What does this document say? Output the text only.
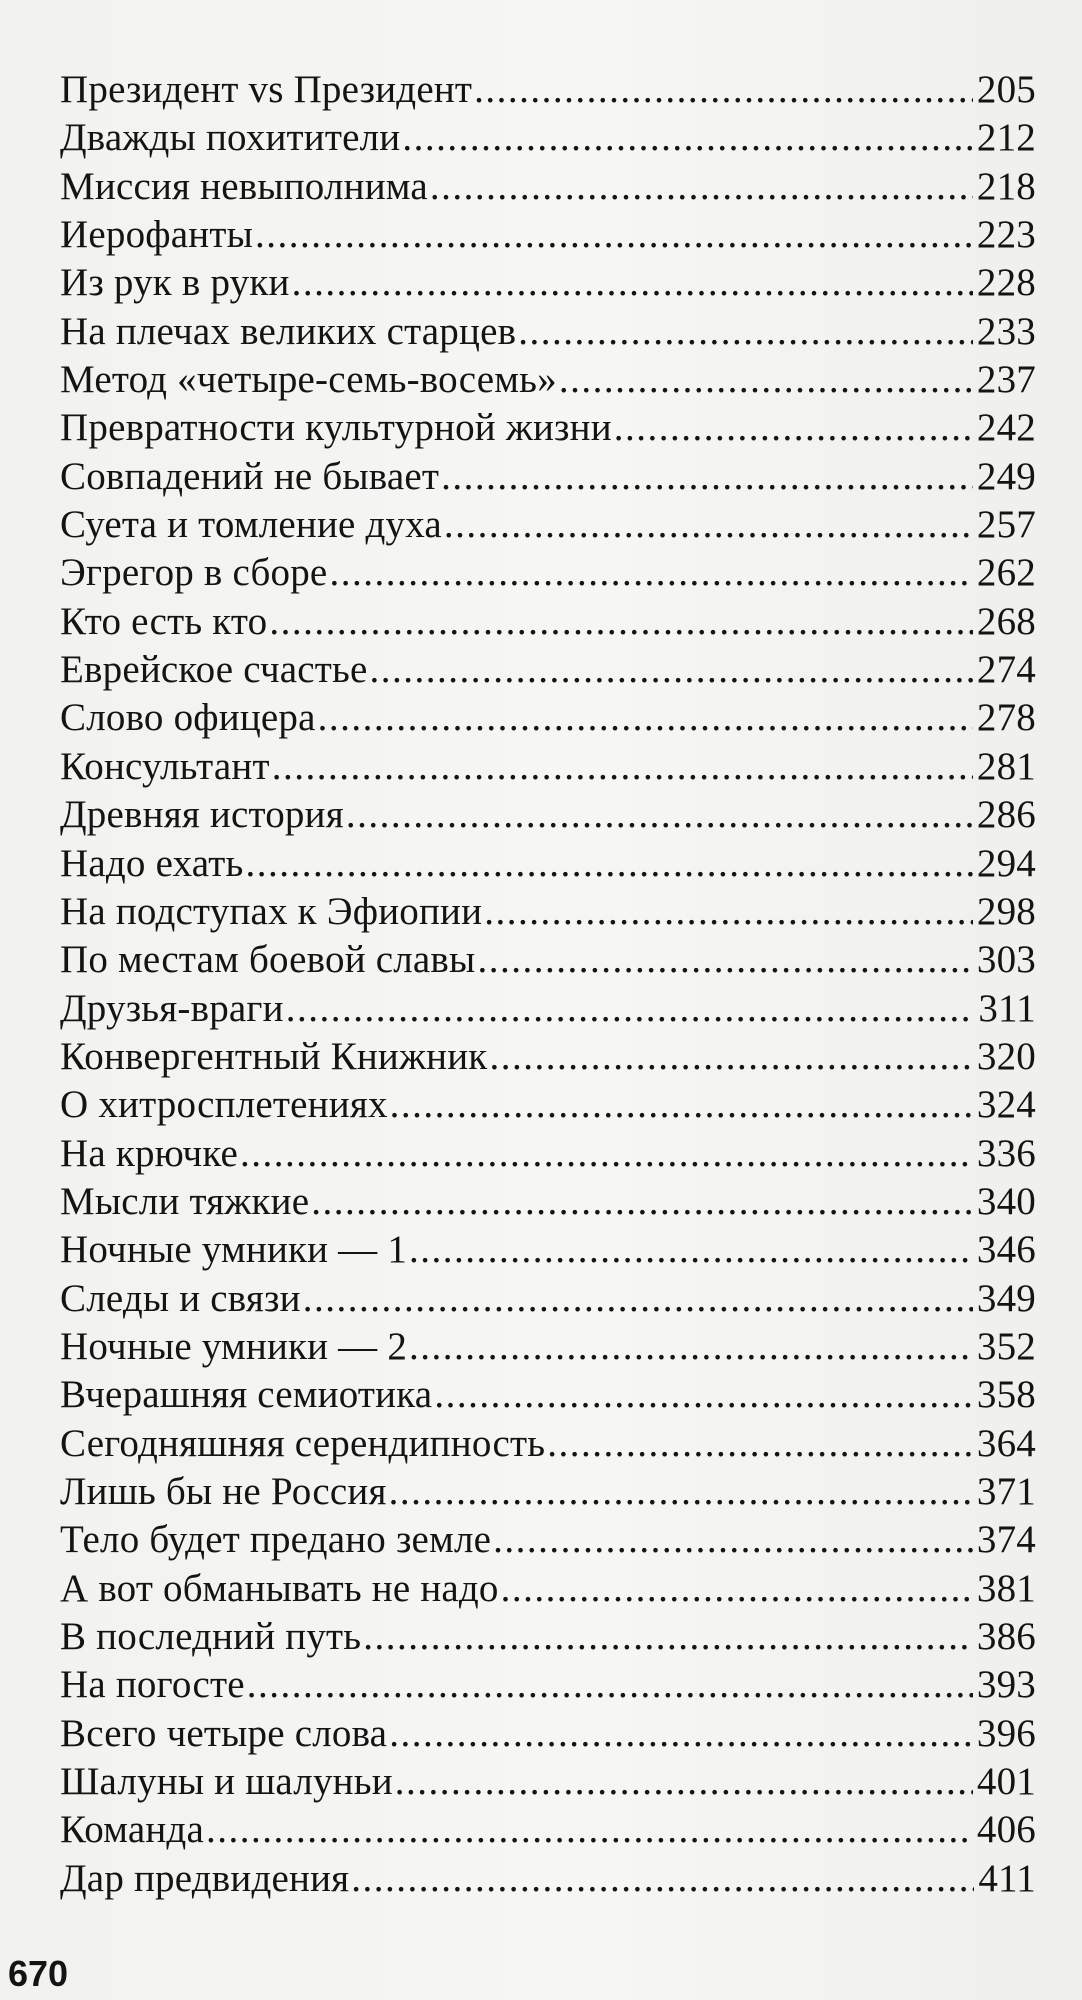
Президент vs Президент .....	205
Дважды похитители .....	212
Миссия невыполнима .....	218
Иерофанты .....	223
Из рук в руки .....	228
На плечах великих старцев .....	233
Метод «четыре-семь-восемь» .....	237
Превратности культурной жизни .....	242
Совпадений не бывает .....	249
Суета и томление духа .....	257
Эгрегор в сборе .....	262
Кто есть кто .....	268
Еврейское счастье .....	274
Слово офицера .....	278
Консультант .....	281
Древняя история .....	286
Надо ехать .....	294
На подступах к Эфиопии .....	298
По местам боевой славы .....	303
Друзья-враги .....	311
Конвергентный Книжник .....	320
О хитросплетениях .....	324
На крючке .....	336
Мысли тяжкие .....	340
Ночные умники — 1 .....	346
Следы и связи .....	349
Ночные умники — 2 .....	352
Вчерашняя семиотика .....	358
Сегодняшняя серендипность .....	364
Лишь бы не Россия .....	371
Тело будет предано земле .....	374
А вот обманывать не надо .....	381
В последний путь .....	386
На погосте .....	393
Всего четыре слова .....	396
Шалуны и шалуньи .....	401
Команда .....	406
Дар предвидения .....	411
670
